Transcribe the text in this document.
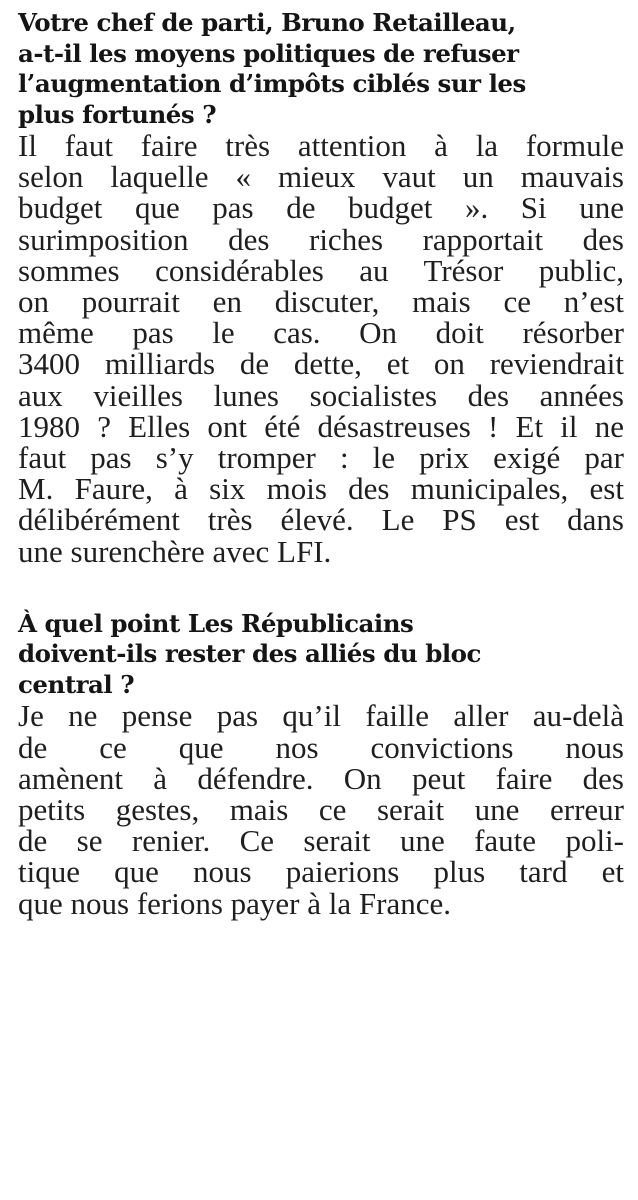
Votre chef de parti, Bruno Retailleau,
a-t-il les moyens politiques de refuser
l’augmentation d’impôts ciblés sur les
plus fortunés ?
Il faut faire très attention à la formule
selon laquelle « mieux vaut un mauvais
budget que pas de budget ». Si une
surimposition des riches rapportait des
sommes considérables au Trésor public,
on pourrait en discuter, mais ce n’est
même pas le cas. On doit résorber
3400 milliards de dette, et on reviendrait
aux vieilles lunes socialistes des années
1980 ? Elles ont été désastreuses ! Et il ne
faut pas s’y tromper : le prix exigé par
M. Faure, à six mois des municipales, est
délibérément très élevé. Le PS est dans
une surenchère avec LFI.
À quel point Les Républicains
doivent-ils rester des alliés du bloc
central ?
Je ne pense pas qu’il faille aller au-delà
de ce que nos convictions nous
amènent à défendre. On peut faire des
petits gestes, mais ce serait une erreur
de se renier. Ce serait une faute poli-
tique que nous paierions plus tard et
que nous ferions payer à la France.
